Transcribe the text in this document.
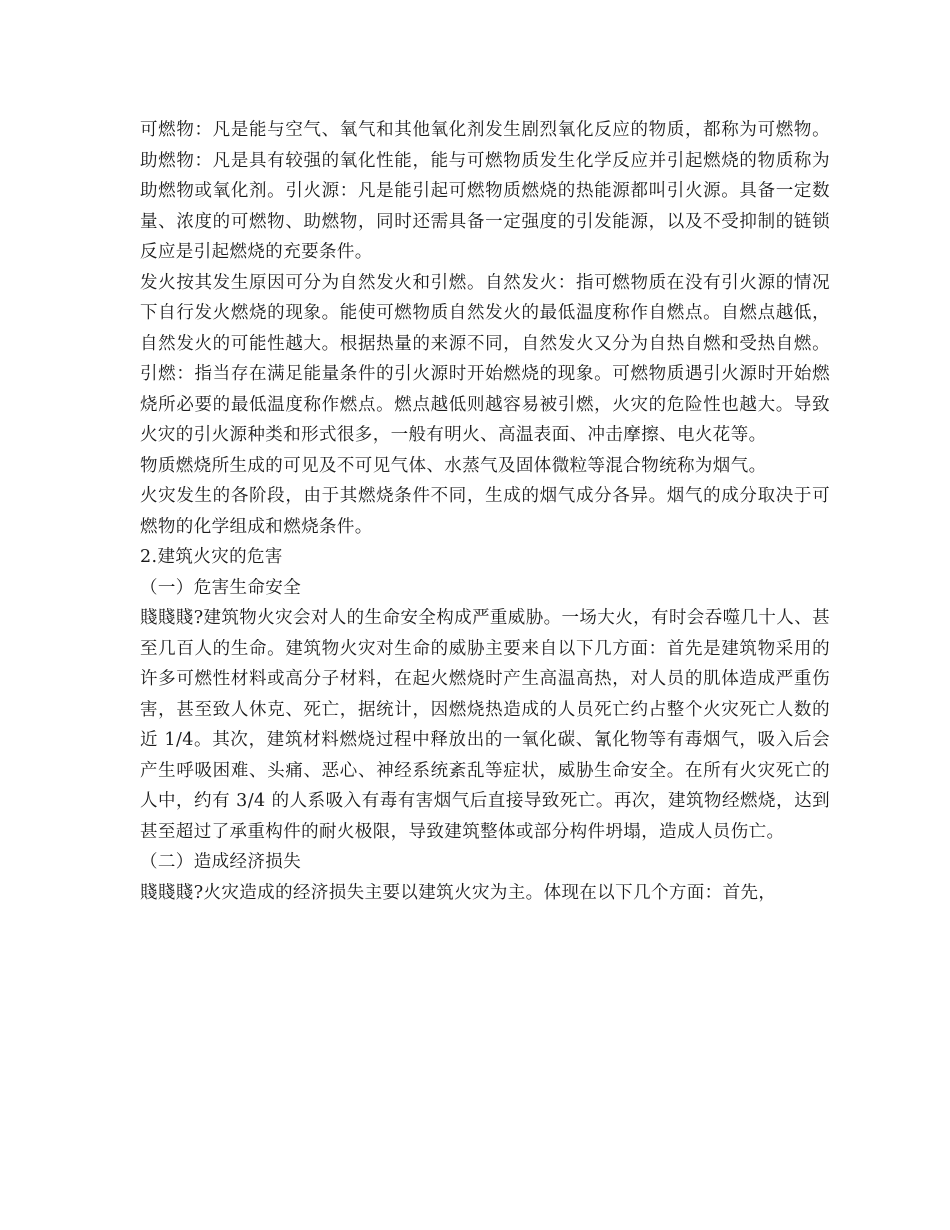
可燃物：凡是能与空气、氧气和其他氧化剂发生剧烈氧化反应的物质，都称为可燃物。助燃物：凡是具有较强的氧化性能，能与可燃物质发生化学反应并引起燃烧的物质称为助燃物或氧化剂。引火源：凡是能引起可燃物质燃烧的热能源都叫引火源。具备一定数量、浓度的可燃物、助燃物，同时还需具备一定强度的引发能源，以及不受抑制的链锁反应是引起燃烧的充要条件。

发火按其发生原因可分为自然发火和引燃。自然发火：指可燃物质在没有引火源的情况下自行发火燃烧的现象。能使可燃物质自然发火的最低温度称作自燃点。自燃点越低，自然发火的可能性越大。根据热量的来源不同，自然发火又分为自热自燃和受热自燃。引燃：指当存在满足能量条件的引火源时开始燃烧的现象。可燃物质遇引火源时开始燃烧所必要的最低温度称作燃点。燃点越低则越容易被引燃，火灾的危险性也越大。导致火灾的引火源种类和形式很多，一般有明火、高温表面、冲击摩擦、电火花等。

物质燃烧所生成的可见及不可见气体、水蒸气及固体微粒等混合物统称为烟气。

火灾发生的各阶段，由于其燃烧条件不同，生成的烟气成分各异。烟气的成分取决于可燃物的化学组成和燃烧条件。

2.建筑火灾的危害

（一）危害生命安全

賤賤賤?建筑物火灾会对人的生命安全构成严重威胁。一场大火，有时会吞噬几十人、甚至几百人的生命。建筑物火灾对生命的威胁主要来自以下几方面：首先是建筑物采用的许多可燃性材料或高分子材料，在起火燃烧时产生高温高热，对人员的肌体造成严重伤害，甚至致人休克、死亡，据统计，因燃烧热造成的人员死亡约占整个火灾死亡人数的近 1/4。其次，建筑材料燃烧过程中释放出的一氧化碳、氰化物等有毒烟气，吸入后会产生呼吸困难、头痛、恶心、神经系统紊乱等症状，威胁生命安全。在所有火灾死亡的人中，约有 3/4 的人系吸入有毒有害烟气后直接导致死亡。再次，建筑物经燃烧，达到甚至超过了承重构件的耐火极限，导致建筑整体或部分构件坍塌，造成人员伤亡。

（二）造成经济损失

賤賤賤?火灾造成的经济损失主要以建筑火灾为主。体现在以下几个方面：首先，
